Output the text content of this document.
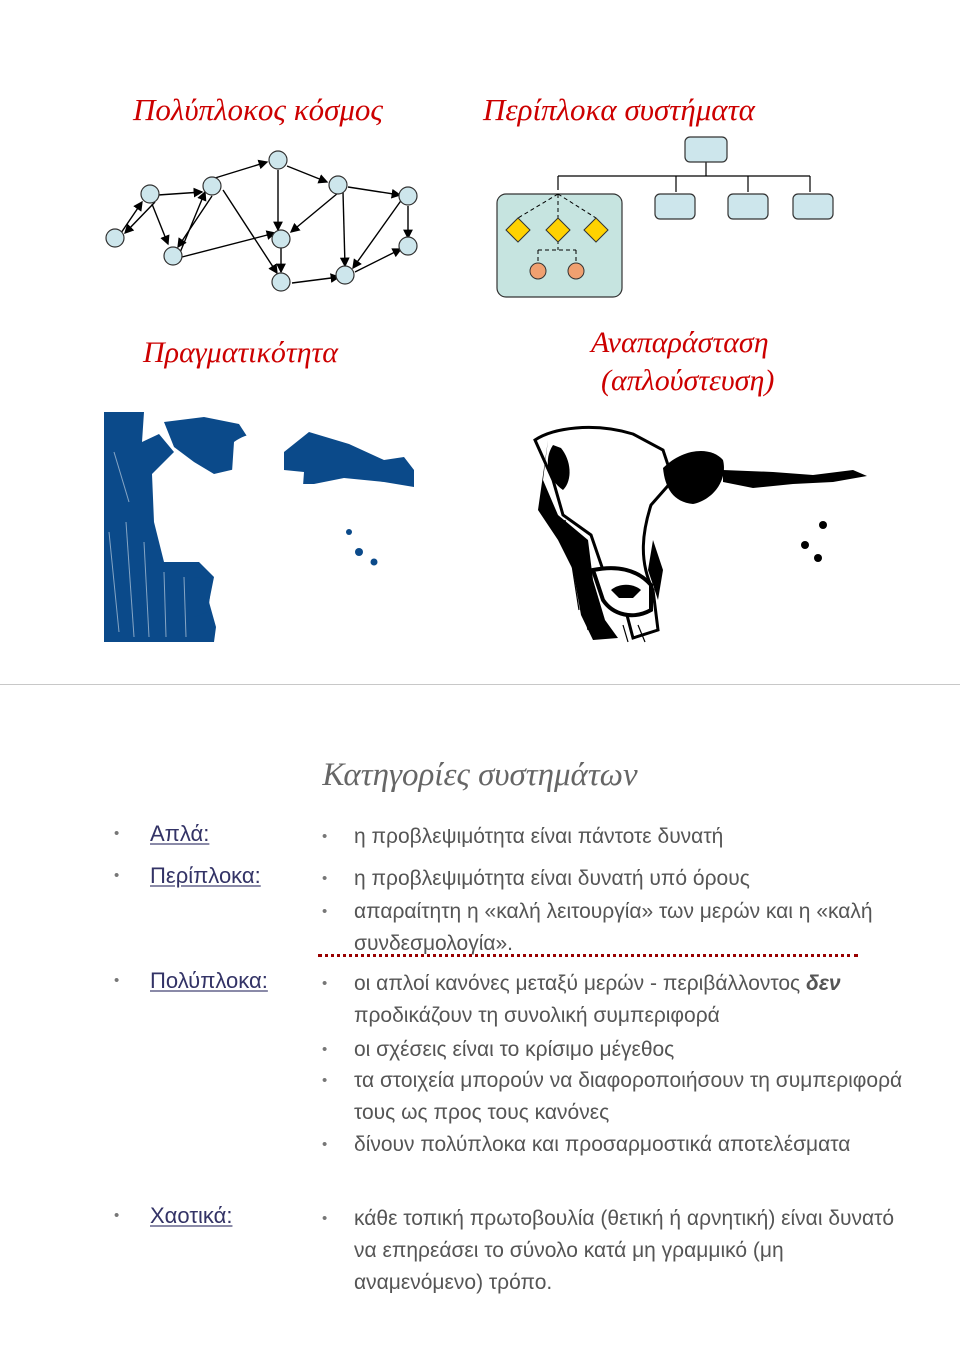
Πολύπλοκος κόσμος	Περίπλοκα συστήματα
Πραγματικότητα	Αναπαράσταση
(απλούστευση)
Κατηγορίες συστημάτων
• Απλά:	• η προβλεψιμότητα είναι πάντοτε δυνατή
• Περίπλοκα:	• η προβλεψιμότητα είναι δυνατή υπό όρους
• απαραίτητη η «καλή λειτουργία» των μερών και η «καλή συνδεσμολογία».
• Πολύπλοκα:	• οι απλοί κανόνες μεταξύ μερών - περιβάλλοντος δεν προδικάζουν τη συνολική συμπεριφορά
• οι σχέσεις είναι το κρίσιμο μέγεθος
• τα στοιχεία μπορούν να διαφοροποιήσουν τη συμπεριφορά τους ως προς τους κανόνες
• δίνουν πολύπλοκα και προσαρμοστικά αποτελέσματα
• Χαοτικά:	• κάθε τοπική πρωτοβουλία (θετική ή αρνητική) είναι δυνατό να επηρεάσει το σύνολο κατά μη γραμμικό (μη αναμενόμενο) τρόπο.
